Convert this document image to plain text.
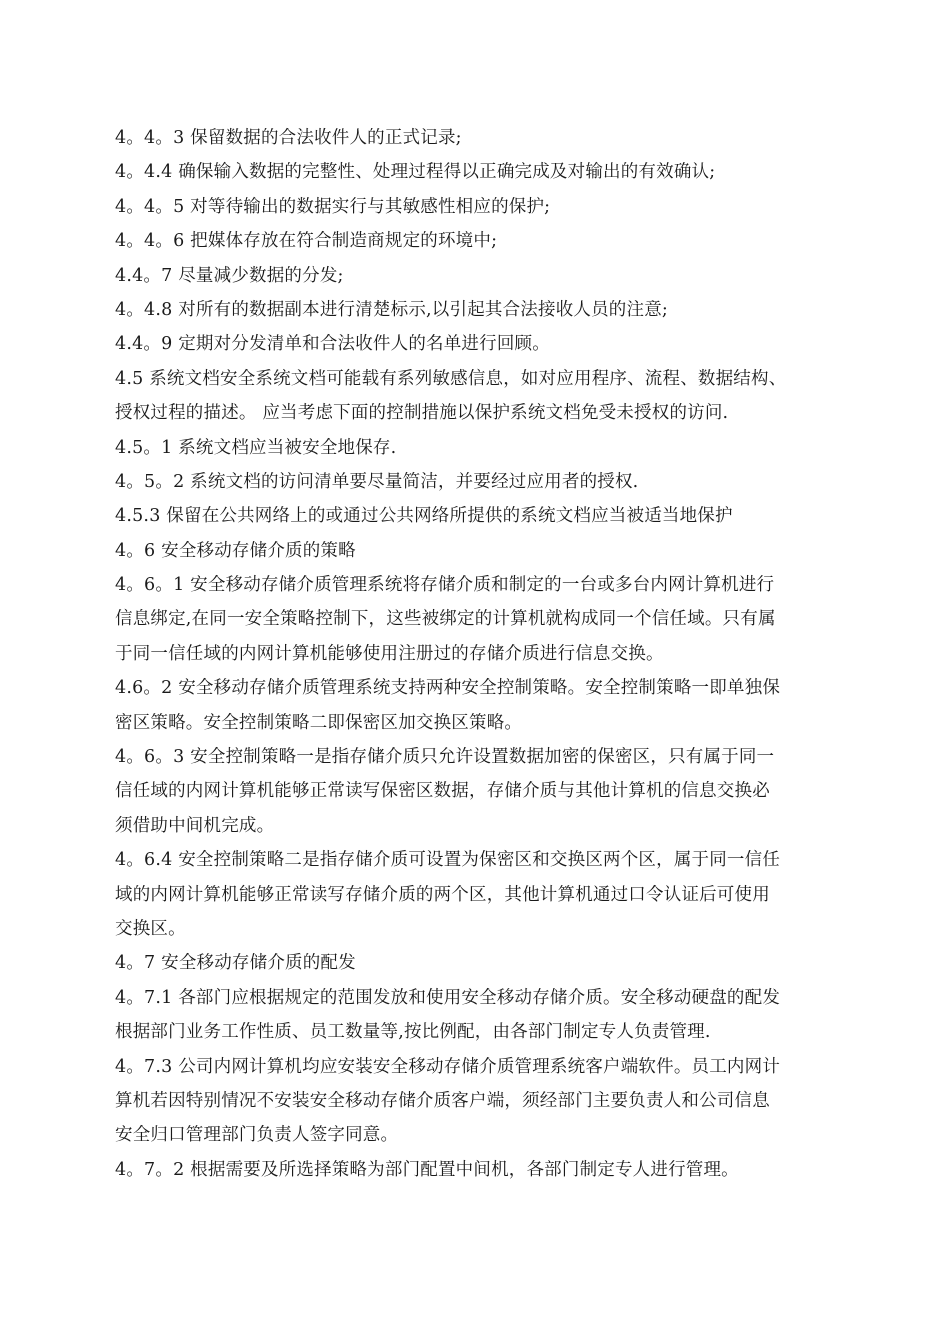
4。4。3 保留数据的合法收件人的正式记录;
4。4.4 确保输入数据的完整性、处理过程得以正确完成及对输出的有效确认;
4。4。5 对等待输出的数据实行与其敏感性相应的保护;
4。4。6 把媒体存放在符合制造商规定的环境中;
4.4。7 尽量减少数据的分发;
4。4.8 对所有的数据副本进行清楚标示,以引起其合法接收人员的注意;
4.4。9 定期对分发清单和合法收件人的名单进行回顾。
4.5 系统文档安全系统文档可能载有系列敏感信息，如对应用程序、流程、数据结构、
授权过程的描述。 应当考虑下面的控制措施以保护系统文档免受未授权的访问.
4.5。1 系统文档应当被安全地保存.
4。5。2 系统文档的访问清单要尽量简洁，并要经过应用者的授权.
4.5.3 保留在公共网络上的或通过公共网络所提供的系统文档应当被适当地保护
4。6 安全移动存储介质的策略
4。6。1 安全移动存储介质管理系统将存储介质和制定的一台或多台内网计算机进行
信息绑定,在同一安全策略控制下，这些被绑定的计算机就构成同一个信任域。只有属
于同一信任域的内网计算机能够使用注册过的存储介质进行信息交换。
4.6。2 安全移动存储介质管理系统支持两种安全控制策略。安全控制策略一即单独保
密区策略。安全控制策略二即保密区加交换区策略。
4。6。3 安全控制策略一是指存储介质只允许设置数据加密的保密区，只有属于同一
信任域的内网计算机能够正常读写保密区数据，存储介质与其他计算机的信息交换必
须借助中间机完成。
4。6.4 安全控制策略二是指存储介质可设置为保密区和交换区两个区，属于同一信任
域的内网计算机能够正常读写存储介质的两个区，其他计算机通过口令认证后可使用
交换区。
4。7 安全移动存储介质的配发
4。7.1 各部门应根据规定的范围发放和使用安全移动存储介质。安全移动硬盘的配发
根据部门业务工作性质、员工数量等,按比例配，由各部门制定专人负责管理.
4。7.3 公司内网计算机均应安装安全移动存储介质管理系统客户端软件。员工内网计
算机若因特别情况不安装安全移动存储介质客户端，须经部门主要负责人和公司信息
安全归口管理部门负责人签字同意。
4。7。2 根据需要及所选择策略为部门配置中间机，各部门制定专人进行管理。
